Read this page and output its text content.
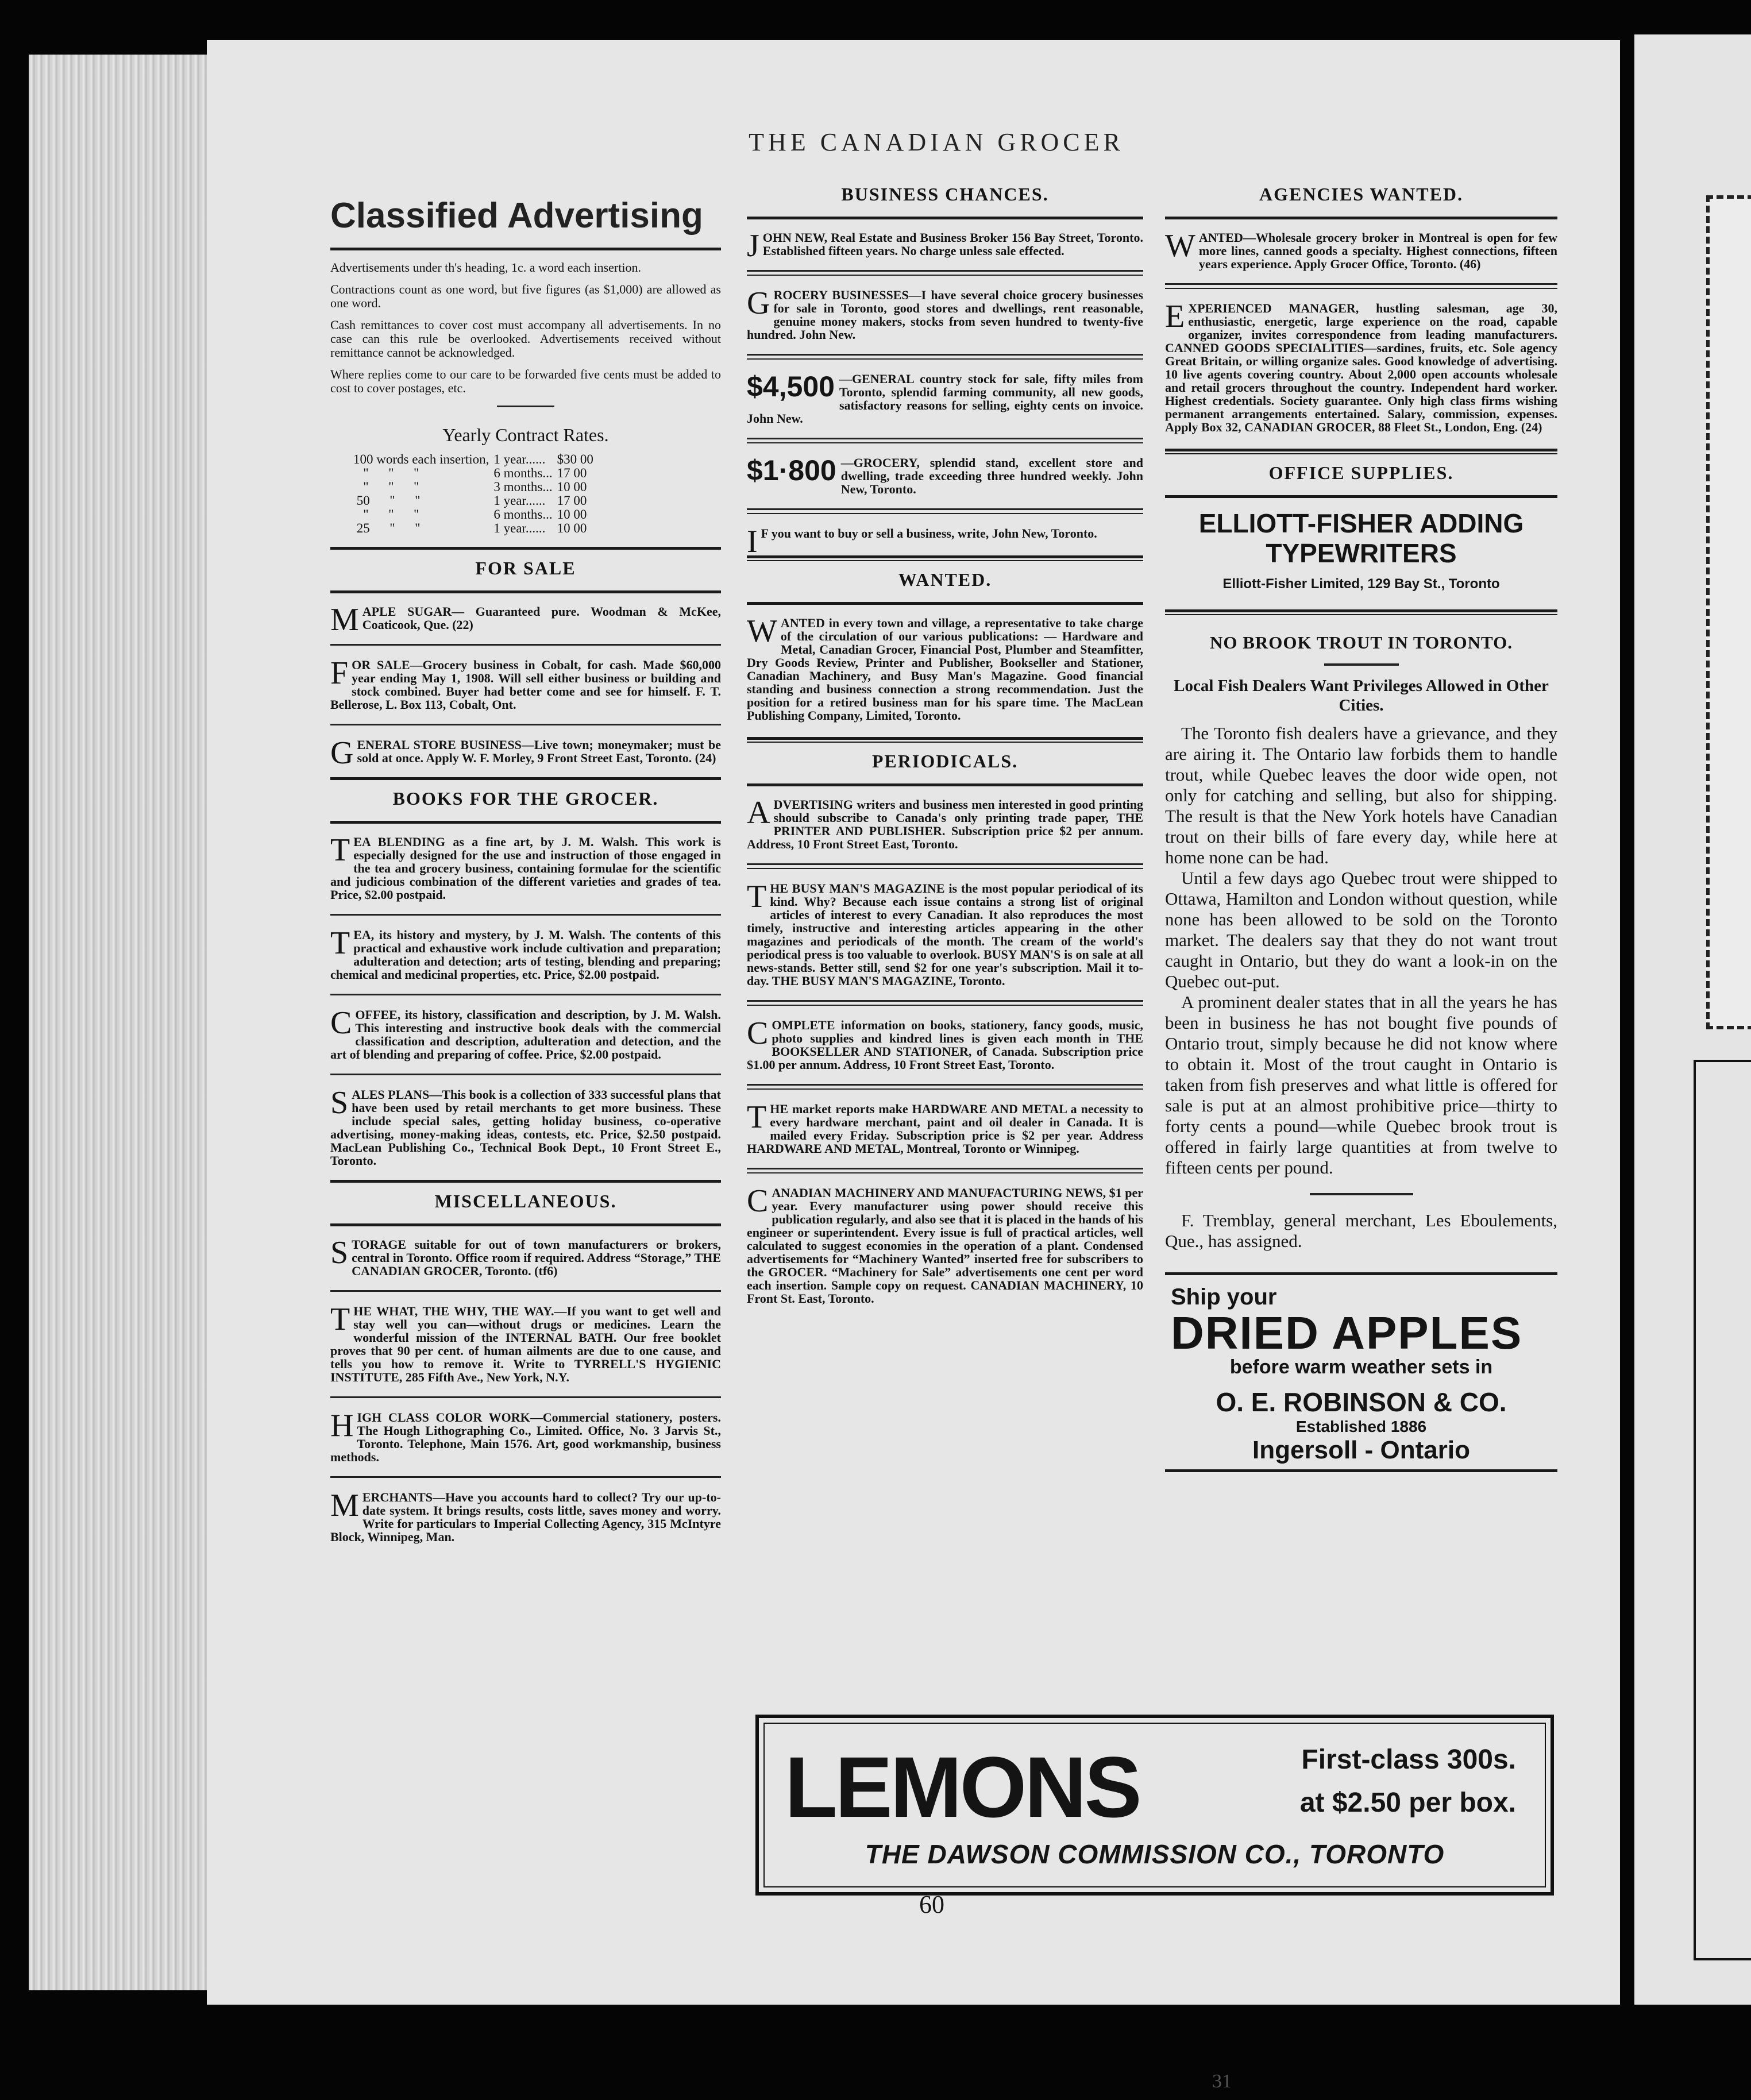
THE CANADIAN GROCER
Classified Advertising

Advertisements under th's heading, 1c. a word each insertion.

Contractions count as one word, but five figures (as $1,000) are allowed as one word.

Cash remittances to cover cost must accompany all advertisements. In no case can this rule be overlooked. Advertisements received without remittance cannot be acknowledged.

Where replies come to our care to be forwarded five cents must be added to cost to cover postages, etc.

Yearly Contract Rates.
100 words each insertion,	1 year......	$30 00
"      "      "	6 months...	17 00
"      "      "	3 months...	10 00
50      "      "	1 year......	17 00
"      "      "	6 months...	10 00
25      "      "	1 year......	10 00
FOR SALE

MAPLE SUGAR— Guaranteed pure. Woodman & McKee, Coaticook, Que. (22)

FOR SALE—Grocery business in Cobalt, for cash. Made $60,000 year ending May 1, 1908. Will sell either business or building and stock combined. Buyer had better come and see for himself. F. T. Bellerose, L. Box 113, Cobalt, Ont.

GENERAL STORE BUSINESS—Live town; moneymaker; must be sold at once. Apply W. F. Morley, 9 Front Street East, Toronto. (24)

BOOKS FOR THE GROCER.

TEA BLENDING as a fine art, by J. M. Walsh. This work is especially designed for the use and instruction of those engaged in the tea and grocery business, containing formulae for the scientific and judicious combination of the different varieties and grades of tea. Price, $2.00 postpaid.

TEA, its history and mystery, by J. M. Walsh. The contents of this practical and exhaustive work include cultivation and preparation; adulteration and detection; arts of testing, blending and preparing; chemical and medicinal properties, etc. Price, $2.00 postpaid.

COFFEE, its history, classification and description, by J. M. Walsh. This interesting and instructive book deals with the commercial classification and description, adulteration and detection, and the art of blending and preparing of coffee. Price, $2.00 postpaid.

SALES PLANS—This book is a collection of 333 successful plans that have been used by retail merchants to get more business. These include special sales, getting holiday business, co-operative advertising, money-making ideas, contests, etc. Price, $2.50 postpaid. MacLean Publishing Co., Technical Book Dept., 10 Front Street E., Toronto.

MISCELLANEOUS.

STORAGE suitable for out of town manufacturers or brokers, central in Toronto. Office room if required. Address “Storage,” THE CANADIAN GROCER, Toronto. (tf6)

THE WHAT, THE WHY, THE WAY.—If you want to get well and stay well you can—without drugs or medicines. Learn the wonderful mission of the INTERNAL BATH. Our free booklet proves that 90 per cent. of human ailments are due to one cause, and tells you how to remove it. Write to TYRRELL'S HYGIENIC INSTITUTE, 285 Fifth Ave., New York, N.Y.

HIGH CLASS COLOR WORK—Commercial stationery, posters. The Hough Lithographing Co., Limited. Office, No. 3 Jarvis St., Toronto. Telephone, Main 1576. Art, good workmanship, business methods.

MERCHANTS—Have you accounts hard to collect? Try our up-to-date system. It brings results, costs little, saves money and worry. Write for particulars to Imperial Collecting Agency, 315 McIntyre Block, Winnipeg, Man.

BUSINESS CHANCES.

JOHN NEW, Real Estate and Business Broker 156 Bay Street, Toronto. Established fifteen years. No charge unless sale effected.

GROCERY BUSINESSES—I have several choice grocery businesses for sale in Toronto, good stores and dwellings, rent reasonable, genuine money makers, stocks from seven hundred to twenty-five hundred. John New.

$4,500 —GENERAL country stock for sale, fifty miles from Toronto, splendid farming community, all new goods, satisfactory reasons for selling, eighty cents on invoice. John New.

$1·800 —GROCERY, splendid stand, excellent store and dwelling, trade exceeding three hundred weekly. John New, Toronto.

I F you want to buy or sell a business, write, John New, Toronto.

WANTED.

WANTED in every town and village, a representative to take charge of the circulation of our various publications: — Hardware and Metal, Canadian Grocer, Financial Post, Plumber and Steamfitter, Dry Goods Review, Printer and Publisher, Bookseller and Stationer, Canadian Machinery, and Busy Man's Magazine. Good financial standing and business connection a strong recommendation. Just the position for a retired business man for his spare time. The MacLean Publishing Company, Limited, Toronto.

PERIODICALS.

ADVERTISING writers and business men interested in good printing should subscribe to Canada's only printing trade paper, THE PRINTER AND PUBLISHER. Subscription price $2 per annum. Address, 10 Front Street East, Toronto.

THE BUSY MAN'S MAGAZINE is the most popular periodical of its kind. Why? Because each issue contains a strong list of original articles of interest to every Canadian. It also reproduces the most timely, instructive and interesting articles appearing in the other magazines and periodicals of the month. The cream of the world's periodical press is too valuable to overlook. BUSY MAN'S is on sale at all news-stands. Better still, send $2 for one year's subscription. Mail it to-day. THE BUSY MAN'S MAGAZINE, Toronto.

COMPLETE information on books, stationery, fancy goods, music, photo supplies and kindred lines is given each month in THE BOOKSELLER AND STATIONER, of Canada. Subscription price $1.00 per annum. Address, 10 Front Street East, Toronto.

THE market reports make HARDWARE AND METAL a necessity to every hardware merchant, paint and oil dealer in Canada. It is mailed every Friday. Subscription price is $2 per year. Address HARDWARE AND METAL, Montreal, Toronto or Winnipeg.

CANADIAN MACHINERY AND MANUFACTURING NEWS, $1 per year. Every manufacturer using power should receive this publication regularly, and also see that it is placed in the hands of his engineer or superintendent. Every issue is full of practical articles, well calculated to suggest economies in the operation of a plant. Condensed advertisements for “Machinery Wanted” inserted free for subscribers to the GROCER. “Machinery for Sale” advertisements one cent per word each insertion. Sample copy on request. CANADIAN MACHINERY, 10 Front St. East, Toronto.

AGENCIES WANTED.

WANTED—Wholesale grocery broker in Montreal is open for few more lines, canned goods a specialty. Highest connections, fifteen years experience. Apply Grocer Office, Toronto. (46)

EXPERIENCED MANAGER, hustling salesman, age 30, enthusiastic, energetic, large experience on the road, capable organizer, invites correspondence from leading manufacturers. CANNED GOODS SPECIALITIES—sardines, fruits, etc. Sole agency Great Britain, or willing organize sales. Good knowledge of advertising. 10 live agents covering country. About 2,000 open accounts wholesale and retail grocers throughout the country. Independent hard worker. Highest credentials. Society guarantee. Only high class firms wishing permanent arrangements entertained. Salary, commission, expenses. Apply Box 32, CANADIAN GROCER, 88 Fleet St., London, Eng. (24)

OFFICE SUPPLIES.
ELLIOTT-FISHER ADDING
TYPEWRITERS
Elliott-Fisher Limited, 129 Bay St., Toronto
NO BROOK TROUT IN TORONTO.
Local Fish Dealers Want Privileges Allowed in Other Cities.

The Toronto fish dealers have a grievance, and they are airing it. The Ontario law forbids them to handle trout, while Quebec leaves the door wide open, not only for catching and selling, but also for shipping. The result is that the New York hotels have Canadian trout on their bills of fare every day, while here at home none can be had.

Until a few days ago Quebec trout were shipped to Ottawa, Hamilton and London without question, while none has been allowed to be sold on the Toronto market. The dealers say that they do not want trout caught in Ontario, but they do want a look-in on the Quebec out-put.

A prominent dealer states that in all the years he has been in business he has not bought five pounds of Ontario trout, simply because he did not know where to obtain it. Most of the trout caught in Ontario is taken from fish preserves and what little is offered for sale is put at an almost prohibitive price—thirty to forty cents a pound—while Quebec brook trout is offered in fairly large quantities at from twelve to fifteen cents per pound.

F. Tremblay, general merchant, Les Eboulements, Que., has assigned.

Ship your
DRIED APPLES
before warm weather sets in
O. E. ROBINSON & CO.
Established 1886
Ingersoll - Ontario
LEMONS	First-class 300s.
at $2.50 per box.
THE DAWSON COMMISSION CO., TORONTO
60
31
